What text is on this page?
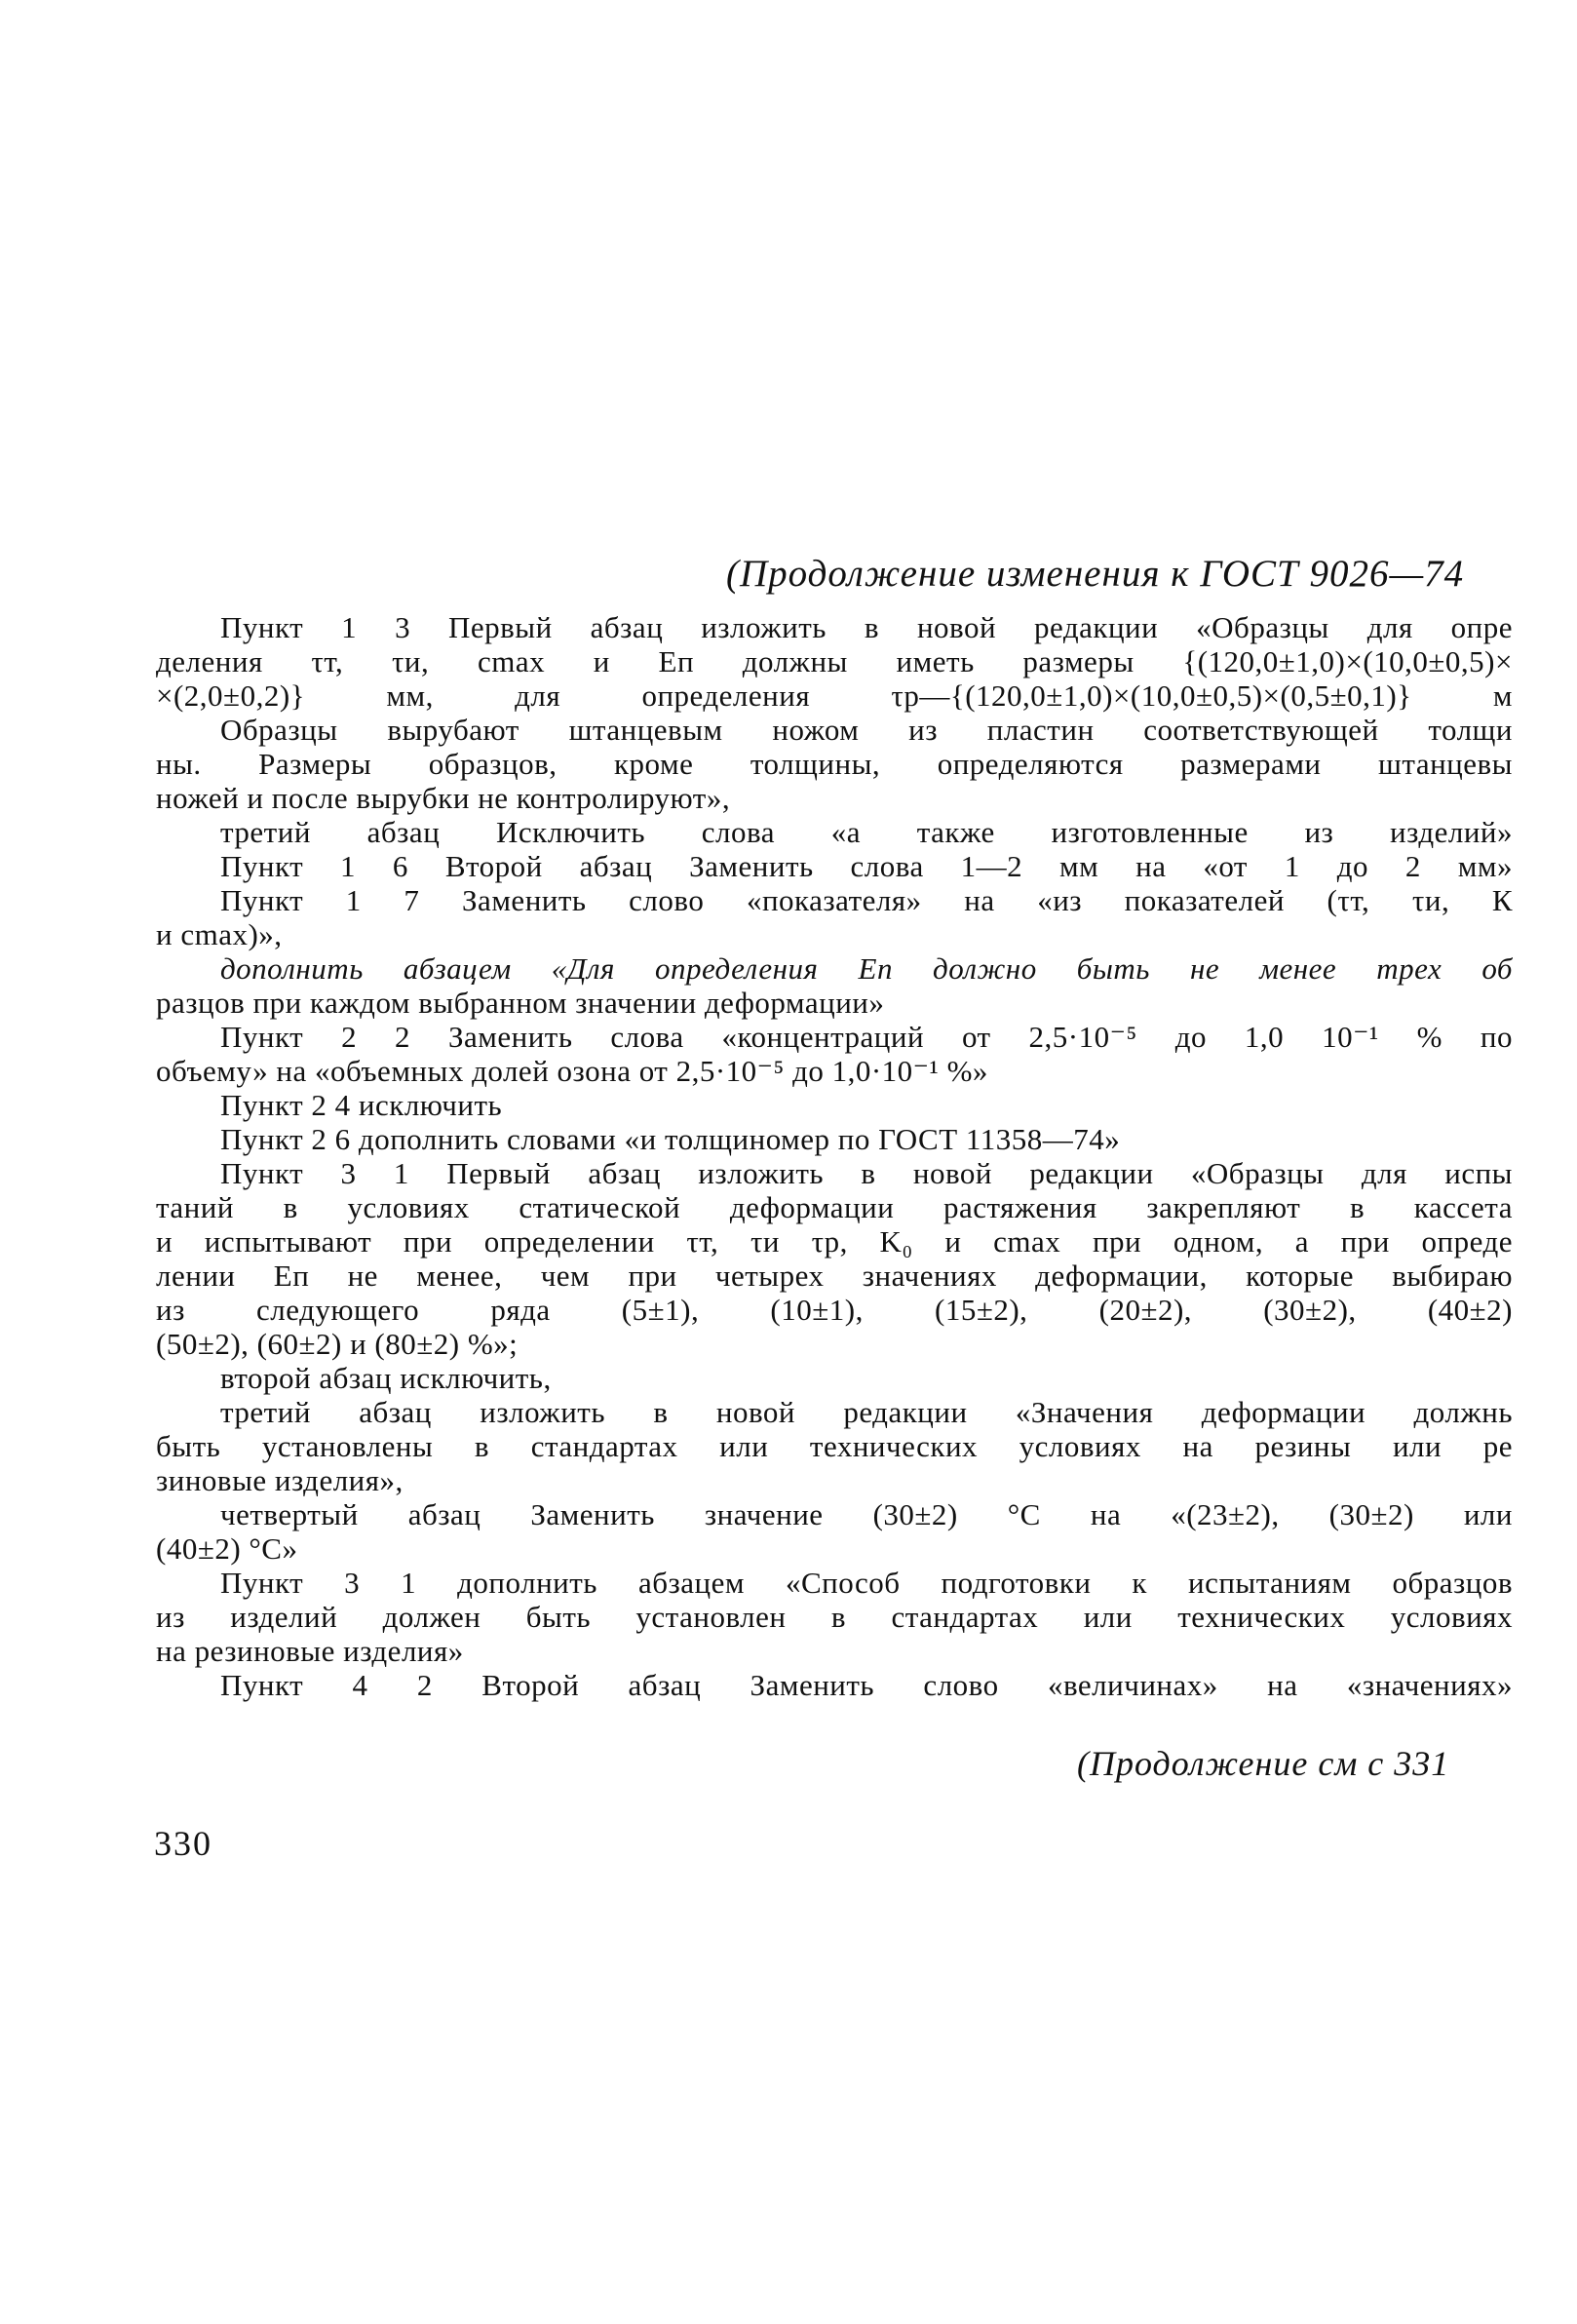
(Продолжение изменения к ГОСТ 9026—74
Пункт 1 3 Первый абзац изложить в новой редакции «Образцы для опре
деления τт, τи, cmax и Eп должны иметь размеры {(120,0±1,0)×(10,0±0,5)×
×(2,0±0,2)} мм, для определения τр—{(120,0±1,0)×(10,0±0,5)×(0,5±0,1)} м
Образцы вырубают штанцевым ножом из пластин соответствующей толщи
ны. Размеры образцов, кроме толщины, определяются размерами штанцевы
ножей и после вырубки не контролируют»,
третий абзац Исключить слова «а также изготовленные из изделий»
Пункт 1 6 Второй абзац Заменить слова 1—2 мм на «от 1 до 2 мм»
Пункт 1 7 Заменить слово «показателя» на «из показателей (τт, τи, К
и cmax)»,
дополнить абзацем «Для определения Eп должно быть не менее трех об
разцов при каждом выбранном значении деформации»
Пункт 2 2 Заменить слова «концентраций от 2,5·10⁻⁵ до 1,0 10⁻¹ % по
объему» на «объемных долей озона от 2,5·10⁻⁵ до 1,0·10⁻¹ %»
Пункт 2 4 исключить
Пункт 2 6 дополнить словами «и толщиномер по ГОСТ 11358—74»
Пункт 3 1 Первый абзац изложить в новой редакции «Образцы для испы
таний в условиях статической деформации растяжения закрепляют в кассета
и испытывают при определении τт, τи τр, K₀ и cmax при одном, а при опреде
лении Eп не менее, чем при четырех значениях деформации, которые выбираю
из следующего ряда (5±1), (10±1), (15±2), (20±2), (30±2), (40±2)
(50±2), (60±2) и (80±2) %»;
второй абзац исключить,
третий абзац изложить в новой редакции «Значения деформации должнь
быть установлены в стандартах или технических условиях на резины или ре
зиновые изделия»,
четвертый абзац Заменить значение (30±2) °С на «(23±2), (30±2) или
(40±2) °С»
Пункт 3 1 дополнить абзацем «Способ подготовки к испытаниям образцов
из изделий должен быть установлен в стандартах или технических условиях
на резиновые изделия»
Пункт 4 2 Второй абзац Заменить слово «величинах» на «значениях»
(Продолжение см с 331
330
